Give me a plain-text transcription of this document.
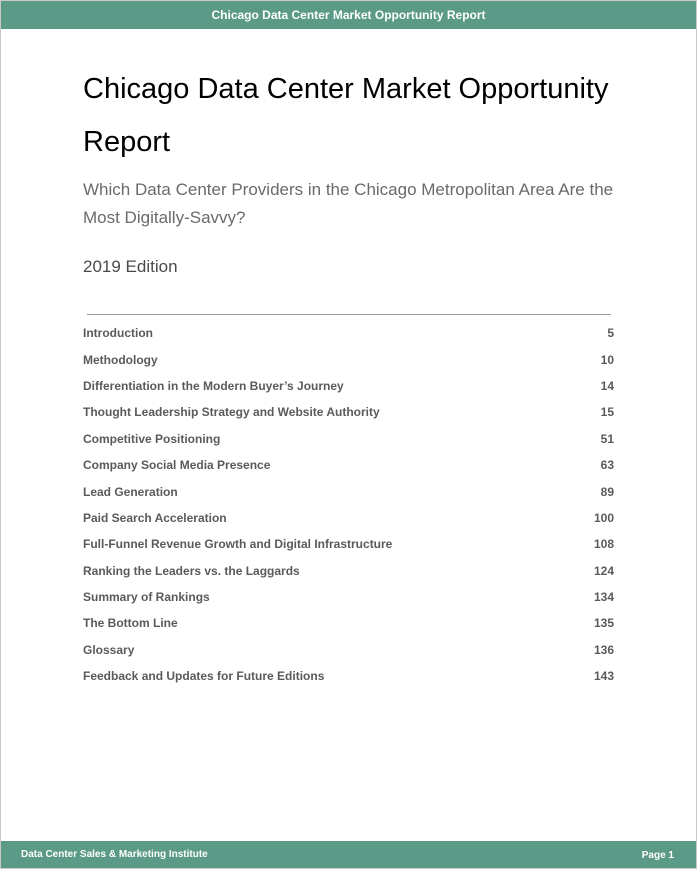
Chicago Data Center Market Opportunity Report
Chicago Data Center Market Opportunity Report

Which Data Center Providers in the Chicago Metropolitan Area Are the Most Digitally-Savvy?

2019 Edition

Introduction	5
Methodology	10
Differentiation in the Modern Buyer’s Journey	14
Thought Leadership Strategy and Website Authority	15
Competitive Positioning	51
Company Social Media Presence	63
Lead Generation	89
Paid Search Acceleration	100
Full-Funnel Revenue Growth and Digital Infrastructure	108
Ranking the Leaders vs. the Laggards	124
Summary of Rankings	134
The Bottom Line	135
Glossary	136
Feedback and Updates for Future Editions	143
Data Center Sales & Marketing Institute	Page 1
